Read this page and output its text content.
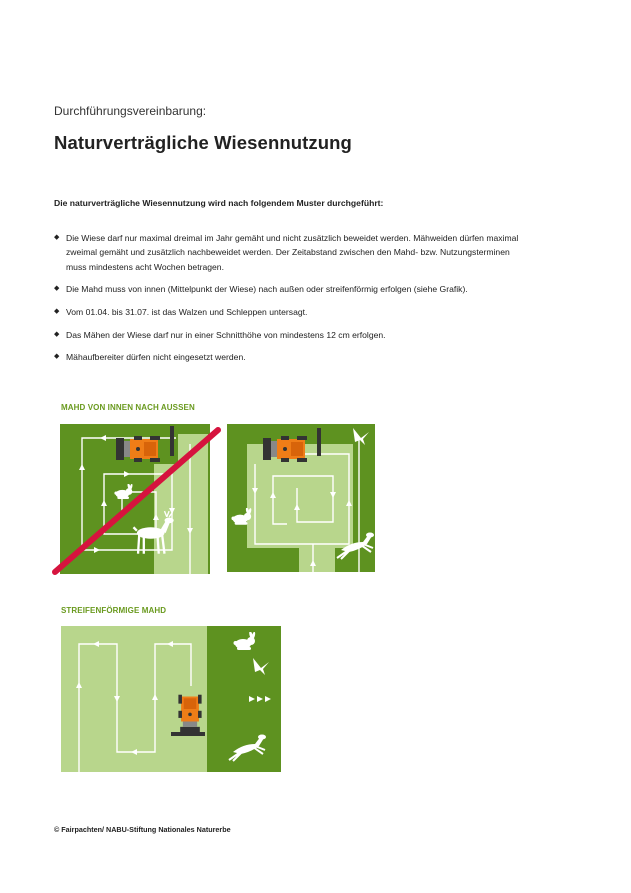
Durchführungsvereinbarung:
Naturverträgliche Wiesennutzung
Die naturverträgliche Wiesennutzung wird nach folgendem Muster durchgeführt:
◆ Die Wiese darf nur maximal dreimal im Jahr gemäht und nicht zusätzlich beweidet werden. Mähweiden dürfen maximal zweimal gemäht und zusätzlich nachbeweidet werden. Der Zeitabstand zwischen den Mahd- bzw. Nutzungsterminen muss mindestens acht Wochen betragen.
◆ Die Mahd muss von innen (Mittelpunkt der Wiese) nach außen oder streifenförmig erfolgen (siehe Grafik).
◆ Vom 01.04. bis 31.07. ist das Walzen und Schleppen untersagt.
◆ Das Mähen der Wiese darf nur in einer Schnitthöhe von mindestens 12 cm erfolgen.
◆ Mähaufbereiter dürfen nicht eingesetzt werden.
MAHD VON INNEN NACH AUSSEN
STREIFENFÖRMIGE MAHD
© Fairpachten/ NABU-Stiftung Nationales Naturerbe
